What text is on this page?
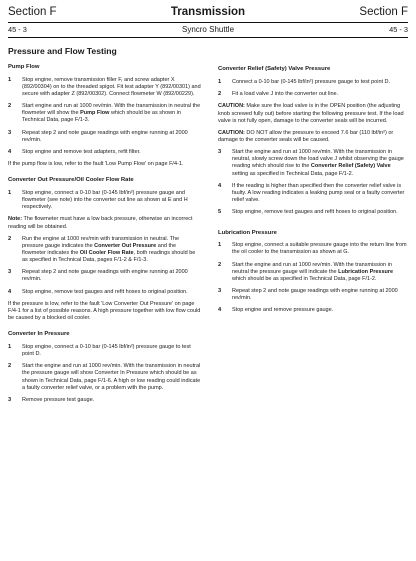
Section F	Transmission	Section F
45 - 3	Syncro Shuttle	45 - 3
Pressure and Flow Testing
Pump Flow
1	Stop engine, remove transmission filler F, and screw adapter X (892/00304) on to the threaded spigot. Fit test adapter Y (892/00301) and secure with adapter Z (892/00302). Connect flowmeter W (892/00229).
2	Start engine and run at 1000 rev/min. With the transmission in neutral the flowmeter will show the Pump Flow which should be as shown in Technical Data, page F/1-3.
3	Repeat step 2 and note gauge readings with engine running at 2000 rev/min.
4	Stop engine and remove test adapters, refit filter.
If the pump flow is low, refer to the fault 'Low Pump Flow' on page F/4-1.
Converter Out Pressure/Oil Cooler Flow Rate
1	Stop engine, connect a 0-10 bar (0-145 lbf/in²) pressure gauge and flowmeter (see note) into the converter out line as shown at E and H respectively.
Note: The flowmeter must have a low back pressure, otherwise an incorrect reading will be obtained.
2	Run the engine at 1000 rev/min with transmission in neutral. The pressure gauge indicates the Converter Out Pressure and the flowmeter indicates the Oil Cooler Flow Rate, both readings should be as specified in Technical Data, pages F/1-2 & F/1-3.
3	Repeat step 2 and note gauge readings with engine running at 2000 rev/min.
4	Stop engine, remove test gauges and refit hoses to original position.
If the pressure is low, refer to the fault 'Low Converter Out Pressure' on page F/4-1 for a list of possible reasons. A high pressure together with low flow could be caused by a blocked oil cooler.
Converter In Pressure
1	Stop engine, connect a 0-10 bar (0-145 lbf/in²) pressure gauge to test point D.
2	Start the engine and run at 1000 rev/min. With the transmission in neutral the pressure gauge will show Converter In Pressure which should be as shown in Technical Data, page F/1-6. A high or low reading could indicate a faulty converter relief valve, or a problem with the pump.
3	Remove pressure test gauge.
Converter Relief (Safety) Valve Pressure
1	Connect a 0-10 bar (0-145 lbf/in²) pressure gauge to test point D.
2	Fit a load valve J into the converter out line.
CAUTION: Make sure the load valve is in the OPEN position (the adjusting knob screwed fully out) before starting the following pressure test. If the load valve is not fully open, damage to the converter seals will be incurred.
CAUTION: DO NOT allow the pressure to exceed 7.6 bar (110 lbf/in²) or damage to the converter seals will be caused.
3	Start the engine and run at 1000 rev/min. With the transmission in neutral, slowly screw down the load valve J whilst observing the gauge reading which should rise to the Converter Relief (Safety) Valve setting as specified in Technical Data, page F/1-2.
4	If the reading is higher than specified then the converter relief valve is faulty. A low reading indicates a leaking pump seal or a faulty converter relief valve.
5	Stop engine, remove test gauges and refit hoses to original position.
Lubrication Pressure
1	Stop engine, connect a suitable pressure gauge into the return line from the oil cooler to the transmission as shown at G.
2	Start the engine and run at 1000 rev/min. With the transmission in neutral the pressure gauge will indicate the Lubrication Pressure which should be as specified in Technical Data, page F/1-2.
3	Repeat step 2 and note gauge readings with engine running at 2000 rev/min.
4	Stop engine and remove pressure gauge.
